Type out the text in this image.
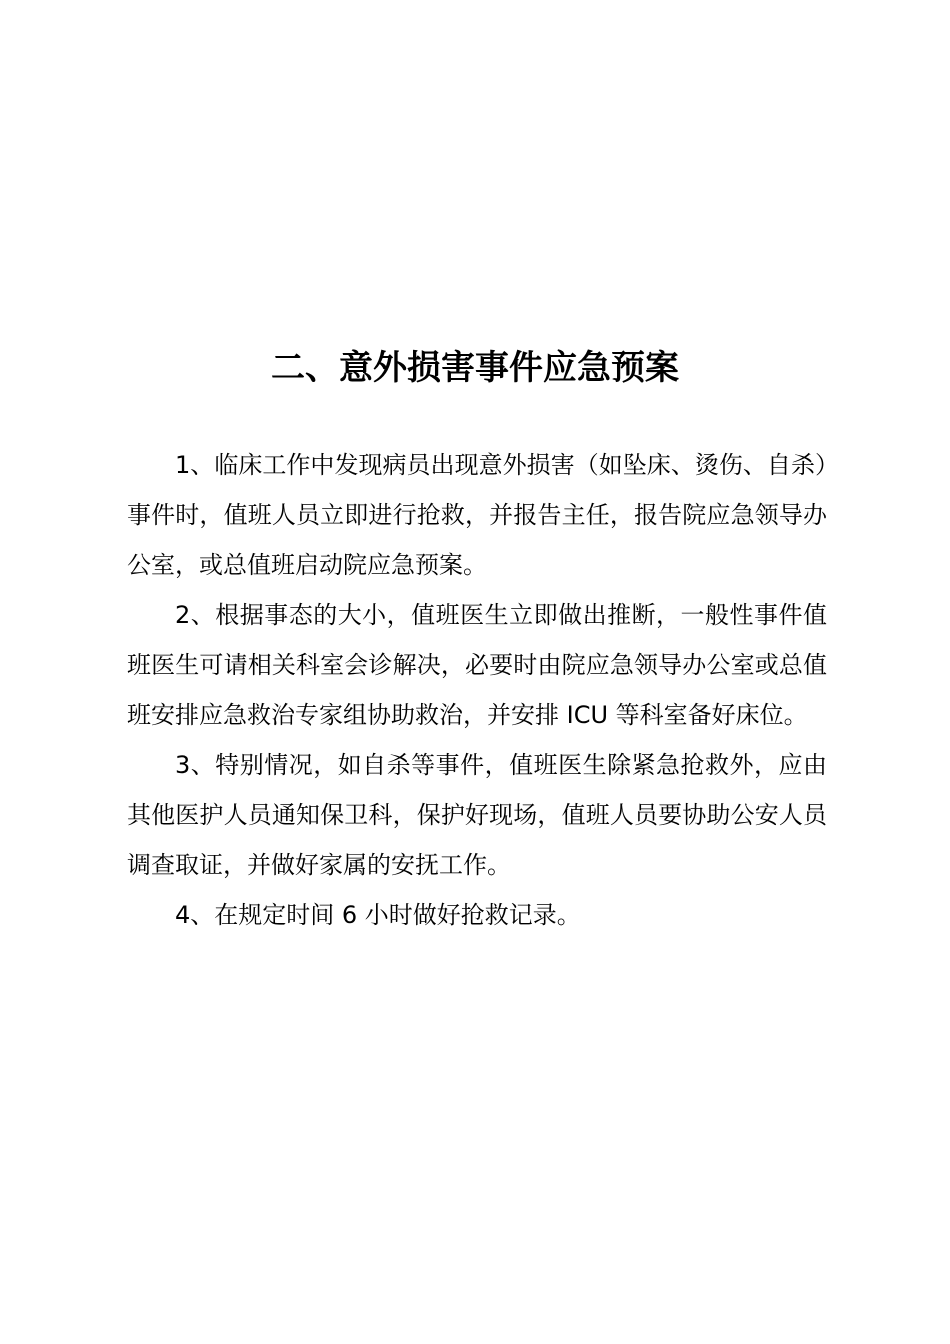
二、意外损害事件应急预案

1、临床工作中发现病员出现意外损害（如坠床、烫伤、自杀）事件时，值班人员立即进行抢救，并报告主任，报告院应急领导办公室，或总值班启动院应急预案。

2、根据事态的大小，值班医生立即做出推断，一般性事件值班医生可请相关科室会诊解决，必要时由院应急领导办公室或总值班安排应急救治专家组协助救治，并安排 ICU 等科室备好床位。

3、特别情况，如自杀等事件，值班医生除紧急抢救外，应由其他医护人员通知保卫科，保护好现场，值班人员要协助公安人员调查取证，并做好家属的安抚工作。

4、在规定时间 6 小时做好抢救记录。
